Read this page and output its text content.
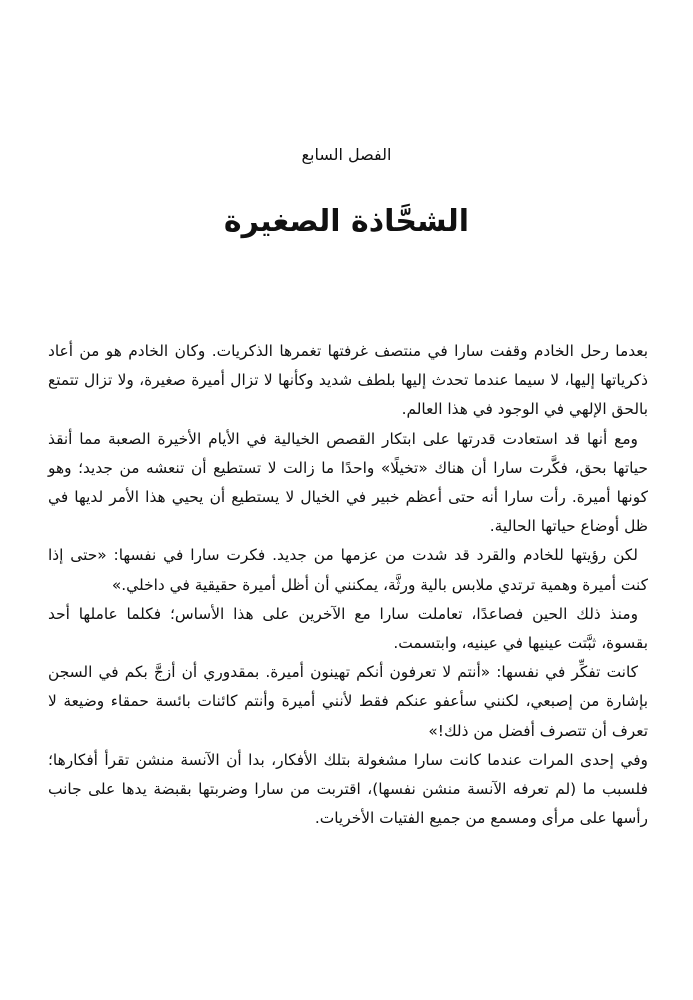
الفصل السابع
الشحَّاذة الصغيرة

بعدما رحل الخادم وقفت سارا في منتصف غرفتها تغمرها الذكريات. وكان الخادم هو من أعاد ذكرياتها إليها، لا سيما عندما تحدث إليها بلطف شديد وكأنها لا تزال أميرة صغيرة، ولا تزال تتمتع بالحق الإلهي في الوجود في هذا العالم.

ومع أنها قد استعادت قدرتها على ابتكار القصص الخيالية في الأيام الأخيرة الصعبة مما أنقذ حياتها بحق، فكَّرت سارا أن هناك «تخيلًا» واحدًا ما زالت لا تستطيع أن تنعشه من جديد؛ وهو كونها أميرة. رأت سارا أنه حتى أعظم خبير في الخيال لا يستطيع أن يحيي هذا الأمر لديها في ظل أوضاع حياتها الحالية.

لكن رؤيتها للخادم والقرد قد شدت من عزمها من جديد. فكرت سارا في نفسها: «حتى إذا كنت أميرة وهمية ترتدي ملابس بالية ورثَّة، يمكنني أن أظل أميرة حقيقية في داخلي.»

ومنذ ذلك الحين فصاعدًا، تعاملت سارا مع الآخرين على هذا الأساس؛ فكلما عاملها أحد بقسوة، ثبَّتت عينيها في عينيه، وابتسمت.

كانت تفكِّر في نفسها: «أنتم لا تعرفون أنكم تهينون أميرة. بمقدوري أن أزجَّ بكم في السجن بإشارة من إصبعي، لكنني سأعفو عنكم فقط لأنني أميرة وأنتم كائنات بائسة حمقاء وضيعة لا تعرف أن تتصرف أفضل من ذلك!»

وفي إحدى المرات عندما كانت سارا مشغولة بتلك الأفكار، بدا أن الآنسة منشن تقرأ أفكارها؛ فلسبب ما (لم تعرفه الآنسة منشن نفسها)، اقتربت من سارا وضربتها بقبضة يدها على جانب رأسها على مرأى ومسمع من جميع الفتيات الأخريات.
